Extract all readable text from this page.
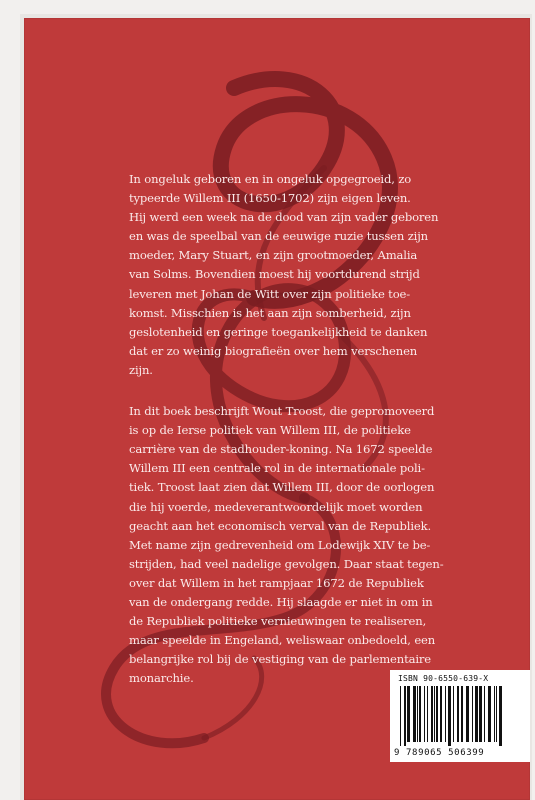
In ongeluk geboren en in ongeluk opgegroeid, zo
typeerde Willem III (1650-1702) zijn eigen leven.
Hij werd een week na de dood van zijn vader geboren
en was de speelbal van de eeuwige ruzie tussen zijn
moeder, Mary Stuart, en zijn grootmoeder, Amalia
van Solms. Bovendien moest hij voortdurend strijd
leveren met Johan de Witt over zijn politieke toe-
komst. Misschien is het aan zijn somberheid, zijn
geslotenheid en geringe toegankelijkheid te danken
dat er zo weinig biografieën over hem verschenen
zijn.

In dit boek beschrijft Wout Troost, die gepromoveerd
is op de Ierse politiek van Willem III, de politieke
carrière van de stadhouder-koning. Na 1672 speelde
Willem III een centrale rol in de internationale poli-
tiek. Troost laat zien dat Willem III, door de oorlogen
die hij voerde, medeverantwoordelijk moet worden
geacht aan het economisch verval van de Republiek.
Met name zijn gedrevenheid om Lodewijk XIV te be-
strijden, had veel nadelige gevolgen. Daar staat tegen-
over dat Willem in het rampjaar 1672 de Republiek
van de ondergang redde. Hij slaagde er niet in om in
de Republiek politieke vernieuwingen te realiseren,
maar speelde in Engeland, weliswaar onbedoeld, een
belangrijke rol bij de vestiging van de parlementaire
monarchie.	ISBN 90-6550-639-X
9 789065 506399
